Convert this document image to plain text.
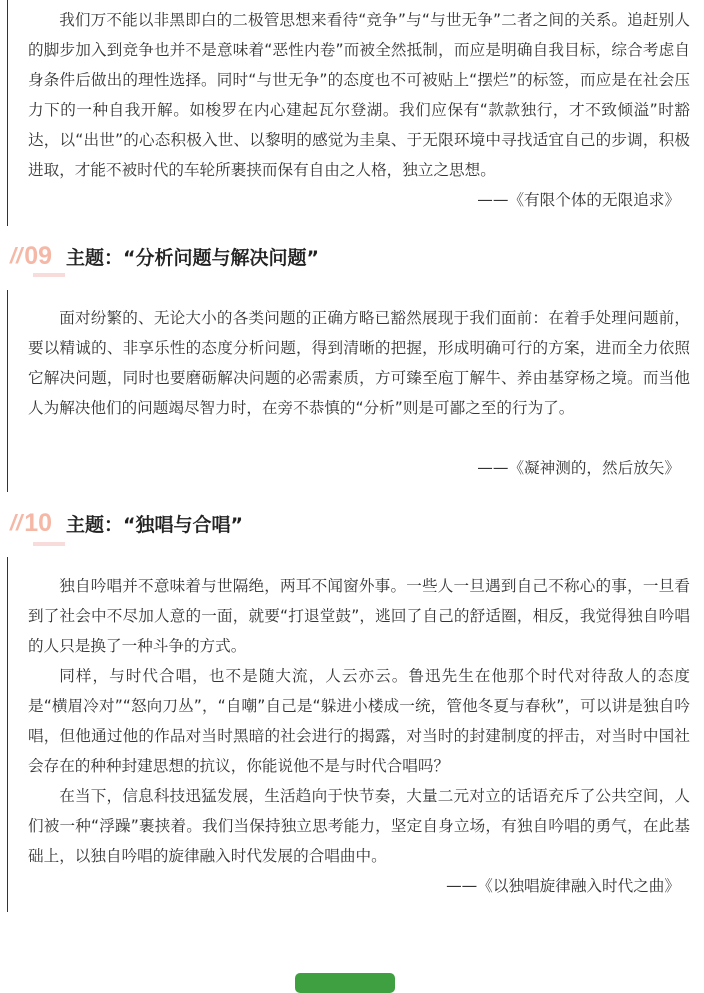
我们万不能以非黑即白的二极管思想来看待“竞争”与“与世无争”二者之间的关系。追赶别人的脚步加入到竞争也并不是意味着“恶性内卷”而被全然抵制，而应是明确自我目标，综合考虑自身条件后做出的理性选择。同时“与世无争”的态度也不可被贴上“摆烂”的标签，而应是在社会压力下的一种自我开解。如梭罗在内心建起瓦尔登湖。我们应保有“款款独行，才不致倾溢”时豁达，以“出世”的心态积极入世、以黎明的感觉为圭臬、于无限环境中寻找适宜自己的步调，积极进取，才能不被时代的车轮所裹挟而保有自由之人格，独立之思想。

——《有限个体的无限追求》
// 09 主题：“分析问题与解决问题”

面对纷繁的、无论大小的各类问题的正确方略已豁然展现于我们面前：在着手处理问题前，要以精诚的、非享乐性的态度分析问题，得到清晰的把握，形成明确可行的方案，进而全力依照它解决问题，同时也要磨砺解决问题的必需素质，方可臻至庖丁解牛、养由基穿杨之境。而当他人为解决他们的问题竭尽智力时，在旁不恭慎的“分析”则是可鄙之至的行为了。

——《凝神测的，然后放矢》
// 10 主题：“独唱与合唱”

独自吟唱并不意味着与世隔绝，两耳不闻窗外事。一些人一旦遇到自己不称心的事，一旦看到了社会中不尽加人意的一面，就要“打退堂鼓”，逃回了自己的舒适圈，相反，我觉得独自吟唱的人只是换了一种斗争的方式。

同样，与时代合唱，也不是随大流，人云亦云。鲁迅先生在他那个时代对待敌人的态度是“横眉冷对”“怒向刀丛”，“自嘲”自己是“躲进小楼成一统，管他冬夏与春秋”，可以讲是独自吟唱，但他通过他的作品对当时黑暗的社会进行的揭露，对当时的封建制度的抨击，对当时中国社会存在的种种封建思想的抗议，你能说他不是与时代合唱吗？

在当下，信息科技迅猛发展，生活趋向于快节奏，大量二元对立的话语充斥了公共空间，人们被一种“浮躁”裹挟着。我们当保持独立思考能力，坚定自身立场，有独自吟唱的勇气，在此基础上，以独自吟唱的旋律融入时代发展的合唱曲中。

——《以独唱旋律融入时代之曲》
